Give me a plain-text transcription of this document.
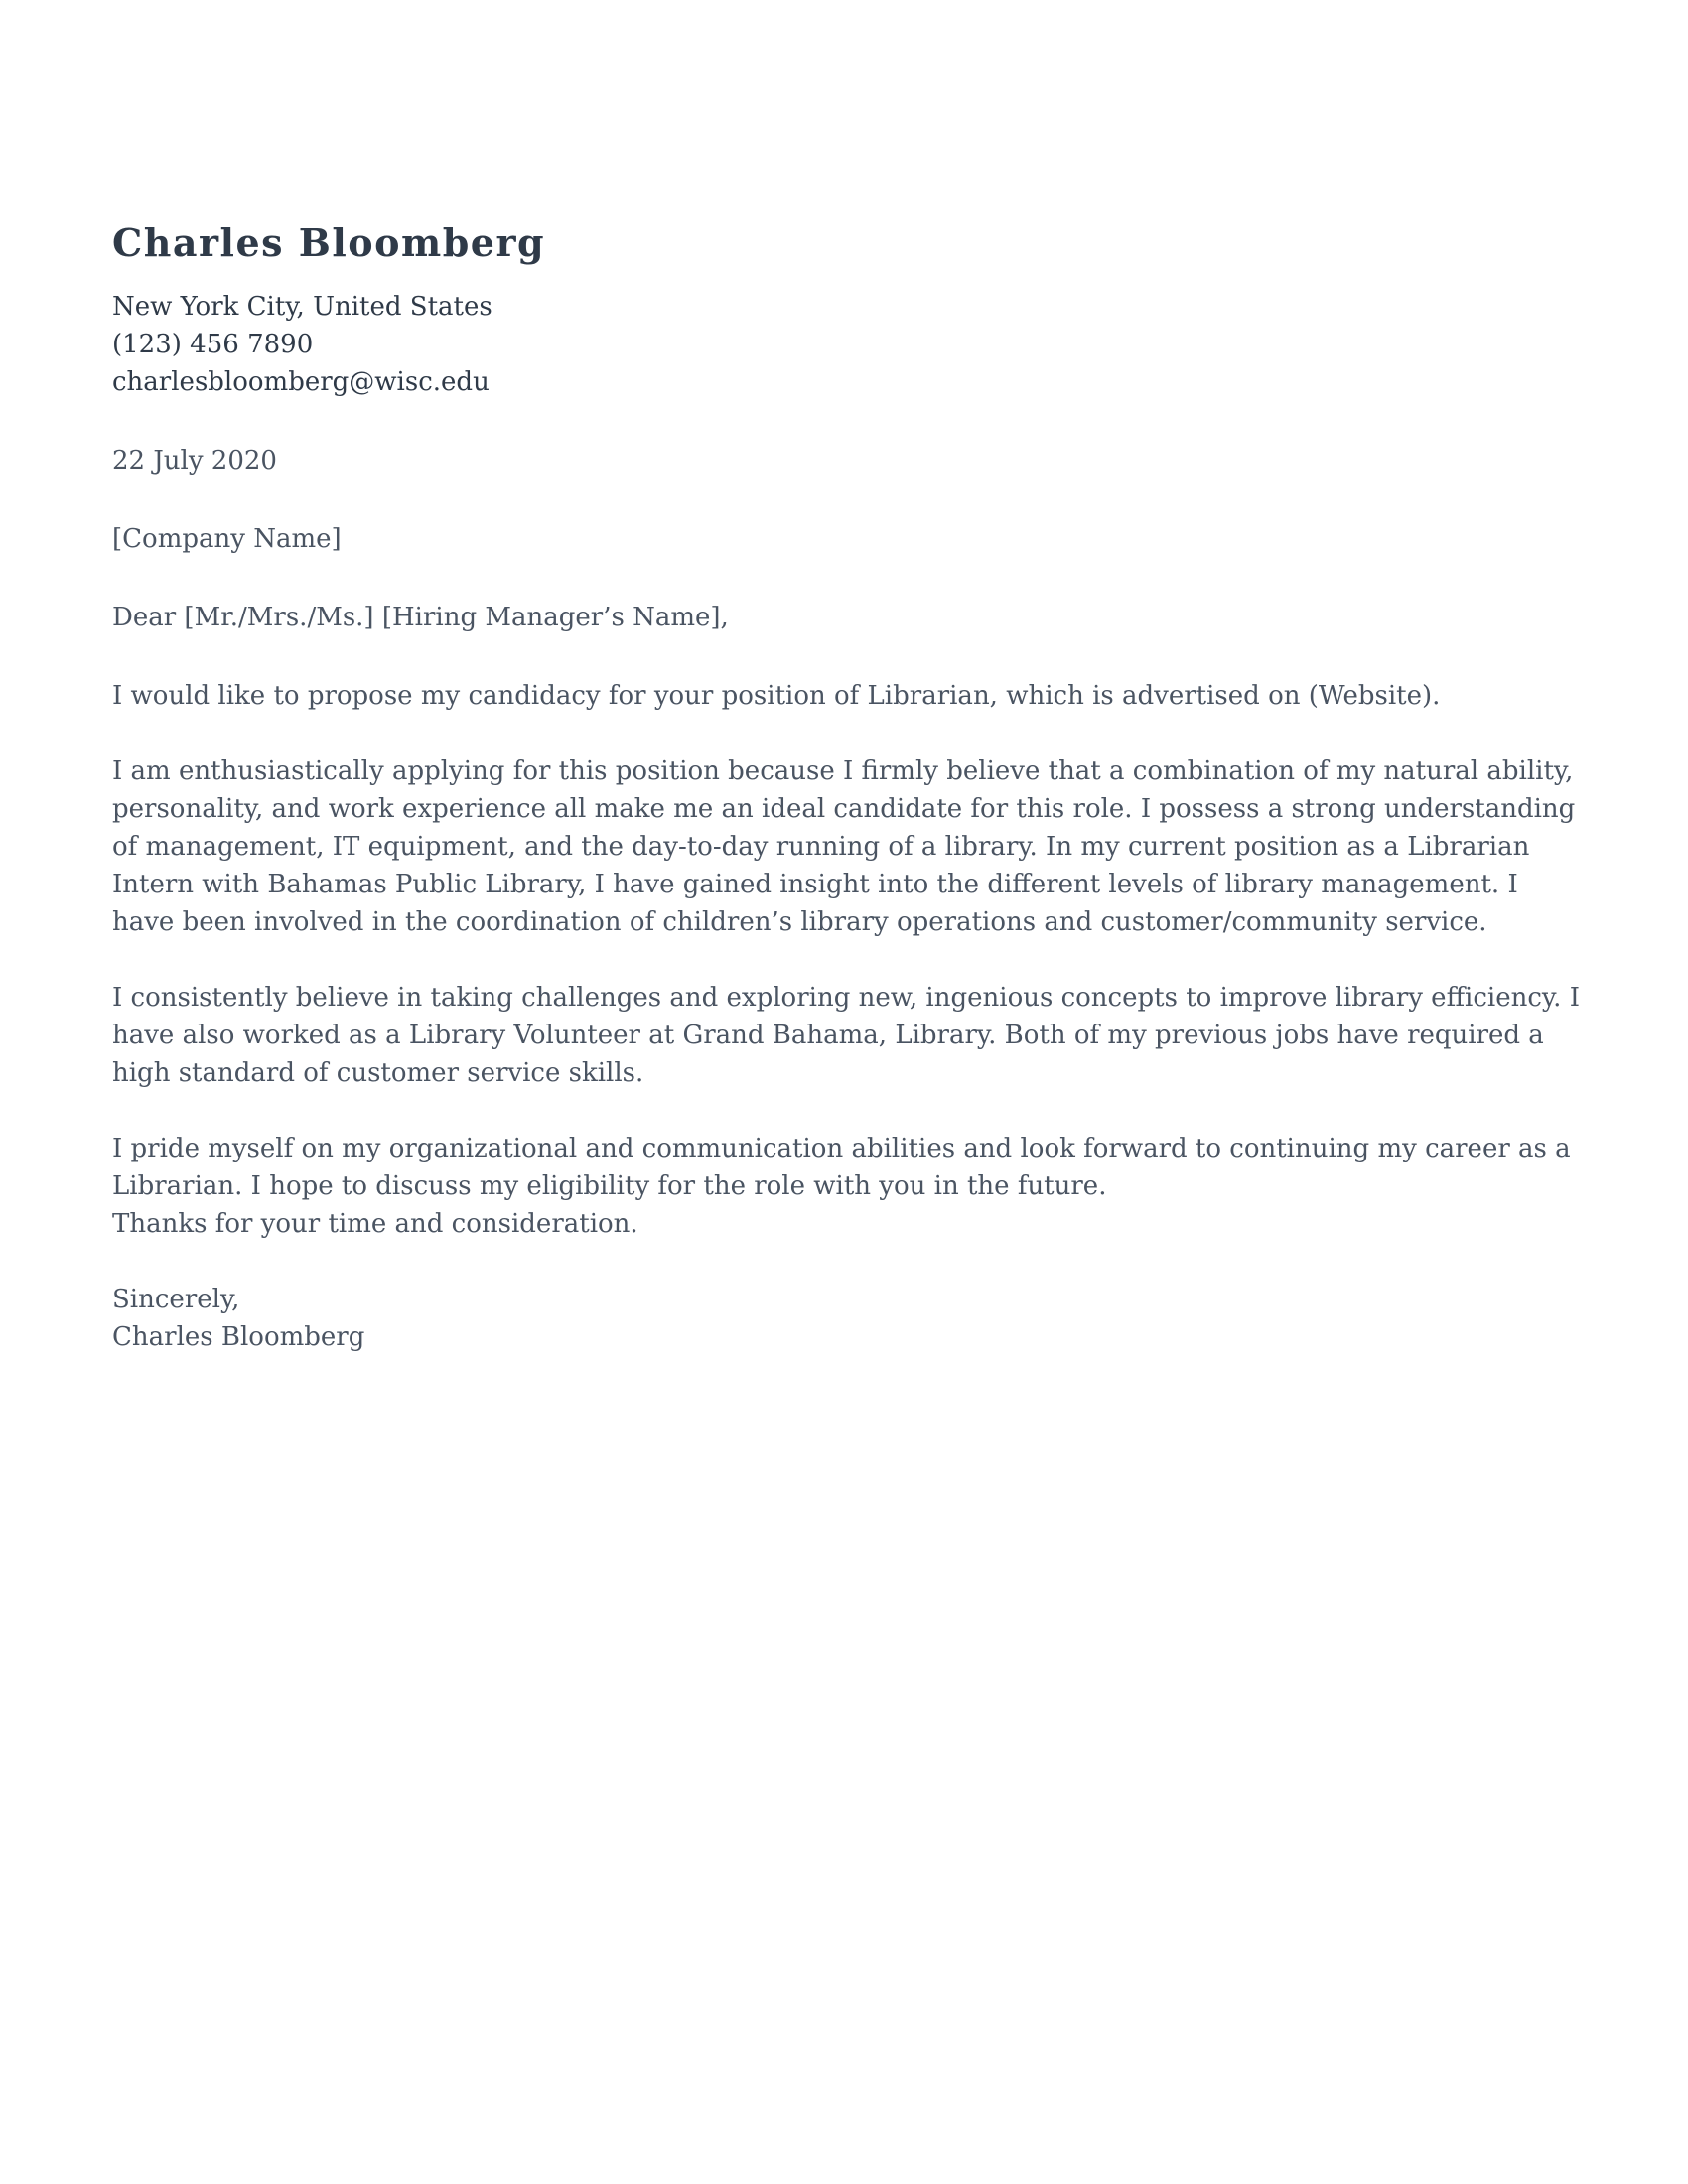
Charles Bloomberg
New York City, United States
(123) 456 7890
charlesbloomberg@wisc.edu

22 July 2020

[Company Name]

Dear [Mr./Mrs./Ms.] [Hiring Manager’s Name],

I would like to propose my candidacy for your position of Librarian, which is advertised on (Website).

I am enthusiastically applying for this position because I firmly believe that a combination of my natural ability, personality, and work experience all make me an ideal candidate for this role. I possess a strong understanding of management, IT equipment, and the day-to-day running of a library. In my current position as a Librarian Intern with Bahamas Public Library, I have gained insight into the different levels of library management. I have been involved in the coordination of children’s library operations and customer/community service.

I consistently believe in taking challenges and exploring new, ingenious concepts to improve library efficiency. I have also worked as a Library Volunteer at Grand Bahama, Library. Both of my previous jobs have required a high standard of customer service skills.

I pride myself on my organizational and communication abilities and look forward to continuing my career as a Librarian. I hope to discuss my eligibility for the role with you in the future.

Thanks for your time and consideration.

Sincerely,

Charles Bloomberg
